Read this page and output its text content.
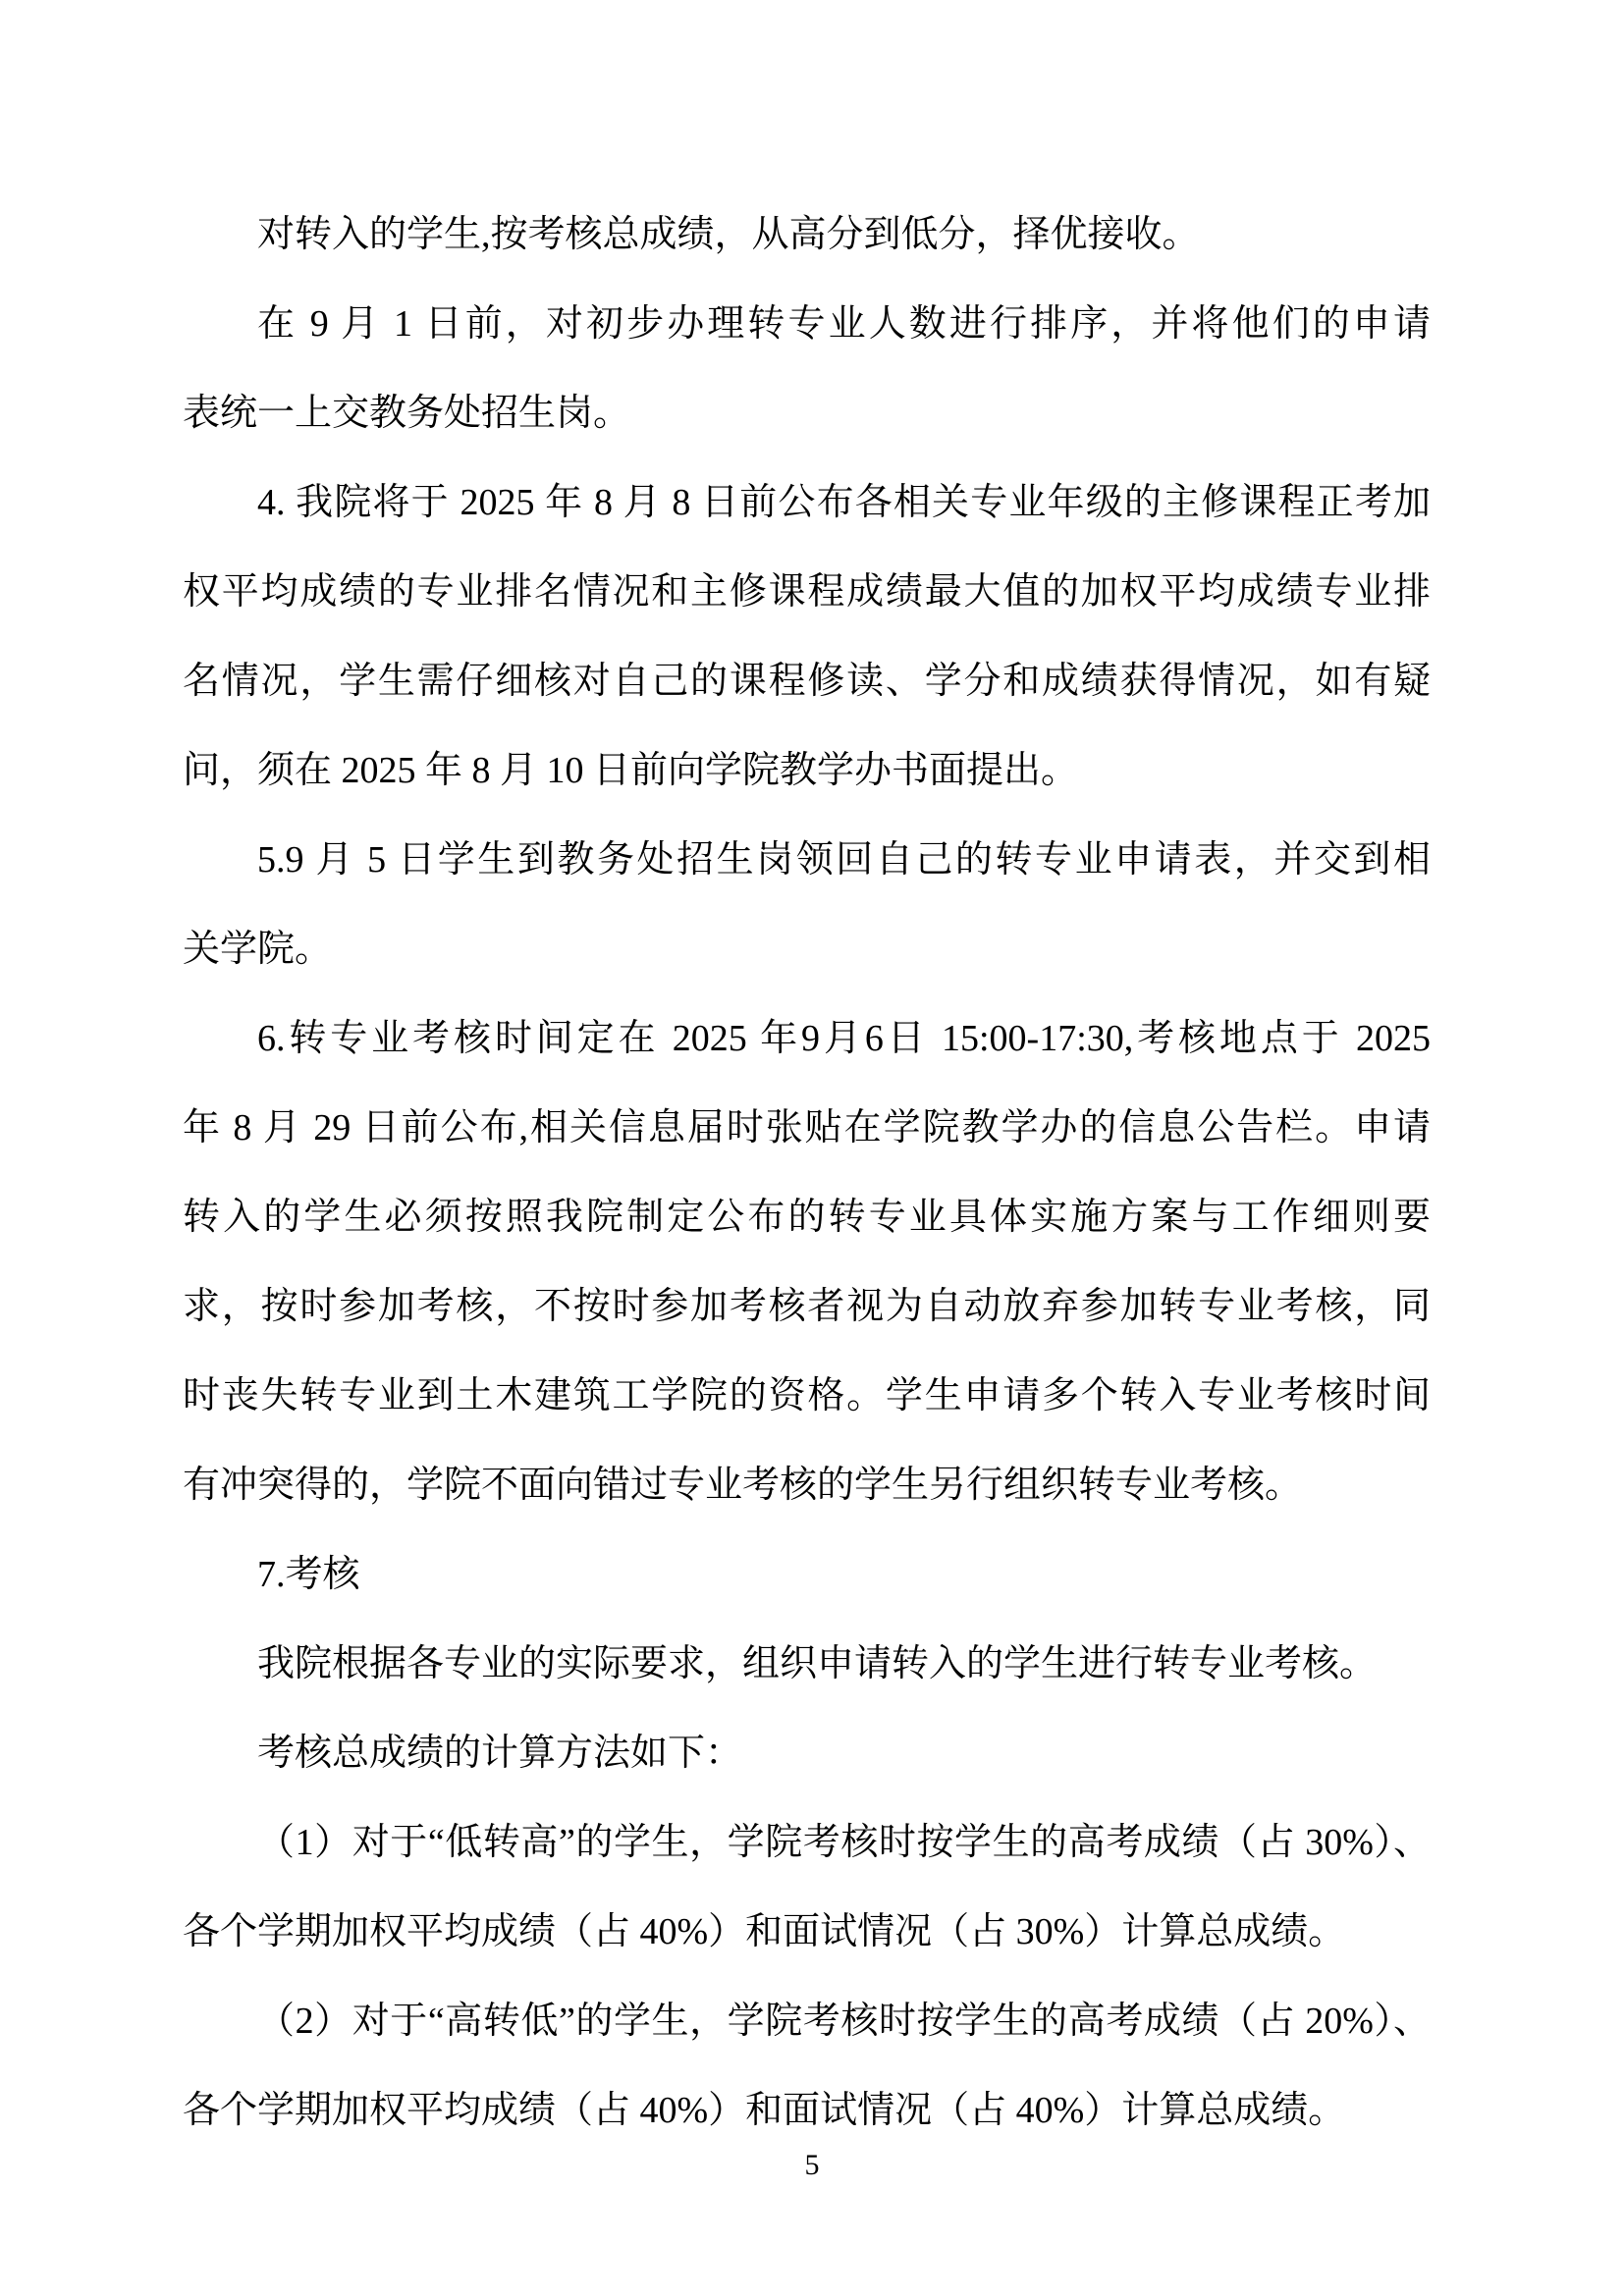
对转入的学生,按考核总成绩，从高分到低分，择优接收。
在 9 月 1 日前，对初步办理转专业人数进行排序，并将他们的申请
表统一上交教务处招生岗。
4. 我院将于 2025 年 8 月 8 日前公布各相关专业年级的主修课程正考加
权平均成绩的专业排名情况和主修课程成绩最大值的加权平均成绩专业排
名情况，学生需仔细核对自己的课程修读、学分和成绩获得情况，如有疑
问，须在 2025 年 8 月 10 日前向学院教学办书面提出。
5.9 月 5 日学生到教务处招生岗领回自己的转专业申请表，并交到相
关学院。
6.转专业考核时间定在 2025 年9月6日 15:00-17:30,考核地点于 2025
年 8 月 29 日前公布,相关信息届时张贴在学院教学办的信息公告栏。申请
转入的学生必须按照我院制定公布的转专业具体实施方案与工作细则要
求，按时参加考核，不按时参加考核者视为自动放弃参加转专业考核，同
时丧失转专业到土木建筑工学院的资格。学生申请多个转入专业考核时间
有冲突得的，学院不面向错过专业考核的学生另行组织转专业考核。
7.考核
我院根据各专业的实际要求，组织申请转入的学生进行转专业考核。
考核总成绩的计算方法如下：
（1）对于“低转高”的学生，学院考核时按学生的高考成绩（占 30%）、
各个学期加权平均成绩（占 40%）和面试情况（占 30%）计算总成绩。
（2）对于“高转低”的学生，学院考核时按学生的高考成绩（占 20%）、
各个学期加权平均成绩（占 40%）和面试情况（占 40%）计算总成绩。
5
